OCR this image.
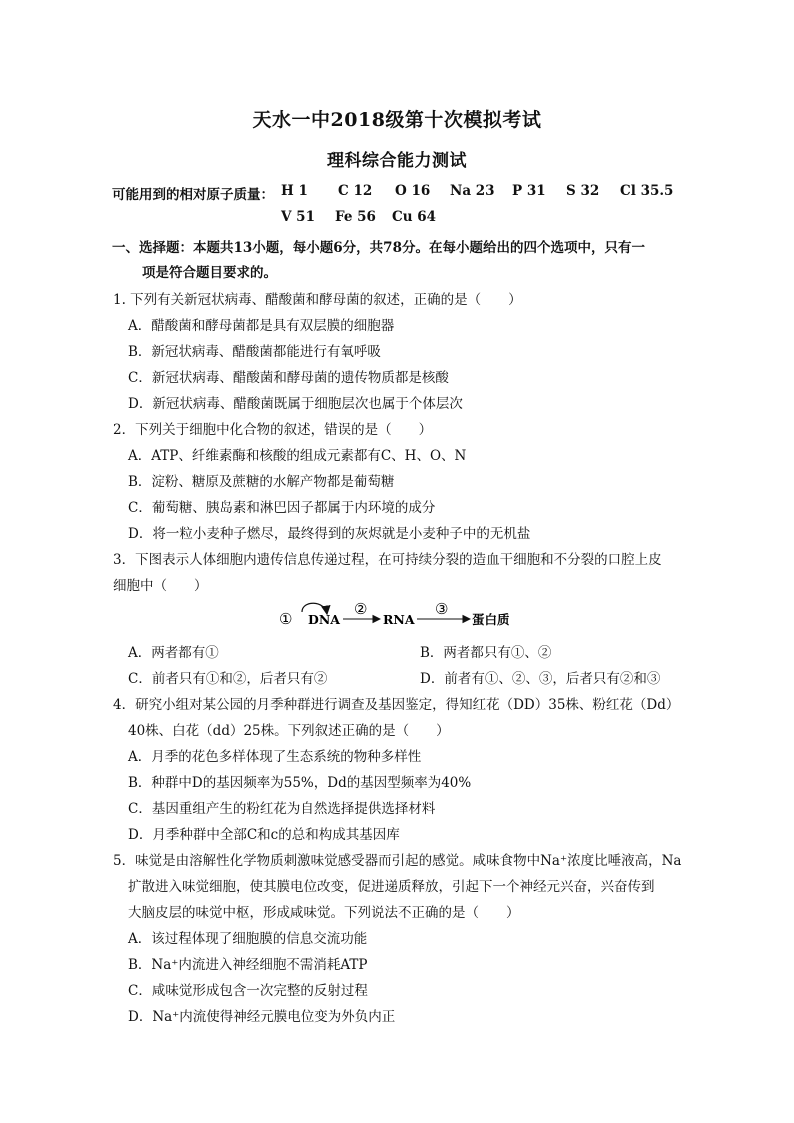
天水一中2018级第十次模拟考试
理科综合能力测试
可能用到的相对原子质量： H 1 C 12 O 16 Na 23 P 31 S 32 Cl 35.5
V 51 Fe 56 Cu 64
一、选择题：本题共13小题，每小题6分，共78分。在每小题给出的四个选项中，只有一
项是符合题目要求的。
1. 下列有关新冠状病毒、醋酸菌和酵母菌的叙述，正确的是（　　）
A．醋酸菌和酵母菌都是具有双层膜的细胞器
B．新冠状病毒、醋酸菌都能进行有氧呼吸
C．新冠状病毒、醋酸菌和酵母菌的遗传物质都是核酸
D．新冠状病毒、醋酸菌既属于细胞层次也属于个体层次
2．下列关于细胞中化合物的叙述，错误的是（　　）
A．ATP、纤维素酶和核酸的组成元素都有C、H、O、N
B．淀粉、糖原及蔗糖的水解产物都是葡萄糖
C．葡萄糖、胰岛素和淋巴因子都属于内环境的成分
D．将一粒小麦种子燃尽，最终得到的灰烬就是小麦种子中的无机盐
3．下图表示人体细胞内遗传信息传递过程，在可持续分裂的造血干细胞和不分裂的口腔上皮
细胞中（　　）
① DNA
②
RNA
③
蛋白质
A．两者都有①	B．两者都只有①、②
C．前者只有①和②，后者只有②	D．前者有①、②、③，后者只有②和③
4．研究小组对某公园的月季种群进行调查及基因鉴定，得知红花（DD）35株、粉红花（Dd）
40株、白花（dd）25株。下列叙述正确的是（　　）
A．月季的花色多样体现了生态系统的物种多样性
B．种群中D的基因频率为55%，Dd的基因型频率为40%
C．基因重组产生的粉红花为自然选择提供选择材料
D．月季种群中全部C和c的总和构成其基因库
5．味觉是由溶解性化学物质刺激味觉感受器而引起的感觉。咸味食物中Na⁺浓度比唾液高，Na
扩散进入味觉细胞，使其膜电位改变，促进递质释放，引起下一个神经元兴奋，兴奋传到
大脑皮层的味觉中枢，形成咸味觉。下列说法不正确的是（　　）
A．该过程体现了细胞膜的信息交流功能
B．Na⁺内流进入神经细胞不需消耗ATP
C．咸味觉形成包含一次完整的反射过程
D．Na⁺内流使得神经元膜电位变为外负内正
